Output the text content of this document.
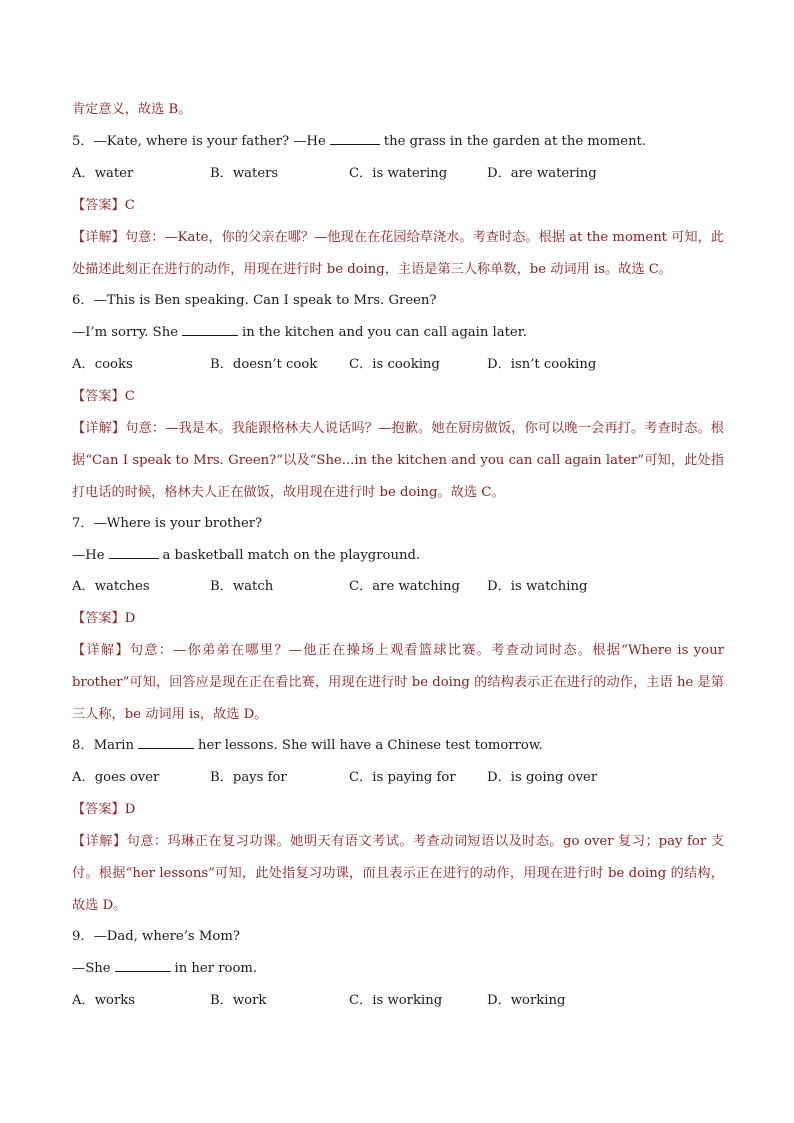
肯定意义，故选 B。
5．—Kate, where is your father? —He	the grass in the garden at the moment.
A．water	B．waters	C．is watering	D．are watering
【答案】C
【详解】句意：—Kate，你的父亲在哪？—他现在在花园给草浇水。考查时态。根据 at the moment 可知，此处描述此刻正在进行的动作，用现在进行时 be doing，主语是第三人称单数，be 动词用 is。故选 C。
6．—This is Ben speaking. Can I speak to Mrs. Green?
—I’m sorry. She	in the kitchen and you can call again later.
A．cooks	B．doesn’t cook C．is cooking	D．isn’t cooking
【答案】C
【详解】句意：—我是本。我能跟格林夫人说话吗？—抱歉。她在厨房做饭，你可以晚一会再打。考查时态。根据“Can I speak to Mrs. Green?”以及“She...in the kitchen and you can call again later”可知，此处指打电话的时候，格林夫人正在做饭，故用现在进行时 be doing。故选 C。
7．—Where is your brother?
—He	a basketball match on the playground.
A．watches	B．watch	C．are watching D．is watching
【答案】D
【详解】句意：—你弟弟在哪里？—他正在操场上观看篮球比赛。考查动词时态。根据“Where is your brother”可知，回答应是现在正在看比赛，用现在进行时 be doing 的结构表示正在进行的动作，主语 he 是第三人称，be 动词用 is，故选 D。
8．Marin	her lessons. She will have a Chinese test tomorrow.
A．goes over	B．pays for	C．is paying for D．is going over
【答案】D
【详解】句意：玛琳正在复习功课。她明天有语文考试。考查动词短语以及时态。go over 复习；pay for 支付。根据“her lessons”可知，此处指复习功课，而且表示正在进行的动作，用现在进行时 be doing 的结构，故选 D。
9．—Dad, where’s Mom?
—She	in her room.
A．works	B．work	C．is working	D．working
